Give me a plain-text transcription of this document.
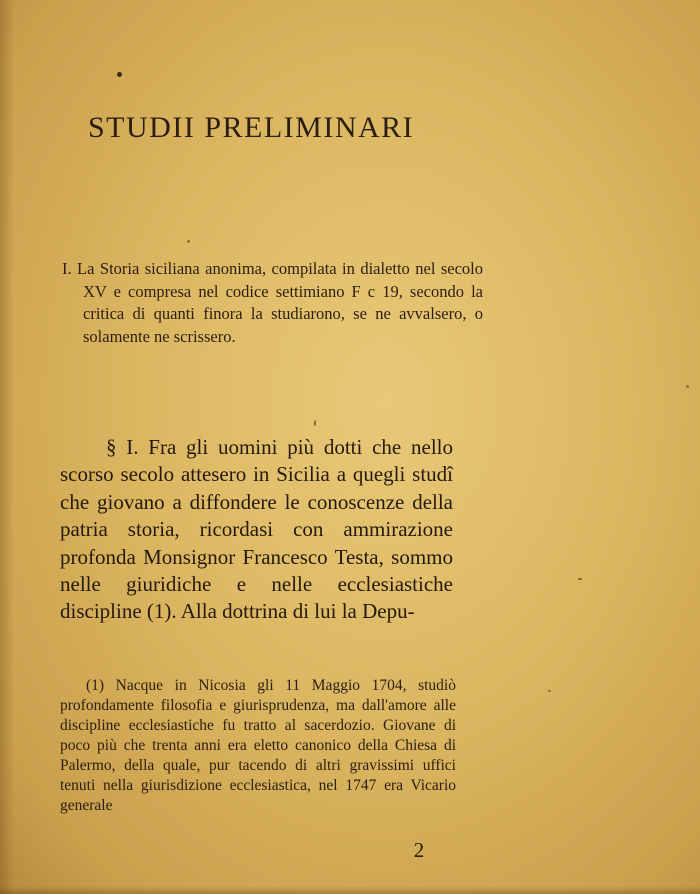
STUDII PRELIMINARI

I. La Storia siciliana anonima, compilata in dialetto nel secolo XV e compresa nel codice settimiano F c 19, secondo la critica di quanti finora la studiarono, se ne avvalsero, o solamente ne scrissero.

§ I. Fra gli uomini più dotti che nello scorso secolo attesero in Sicilia a quegli studî che giovano a diffondere le conoscenze della patria storia, ricordasi con ammirazione profonda Monsignor Francesco Testa, sommo nelle giuridiche e nelle ecclesiastiche discipline (1). Alla dottrina di lui la Depu-

(1) Nacque in Nicosia gli 11 Maggio 1704, studiò profondamente filosofia e giurisprudenza, ma dall'amore alle discipline ecclesiastiche fu tratto al sacerdozio. Giovane di poco più che trenta anni era eletto canonico della Chiesa di Palermo, della quale, pur tacendo di altri gravissimi uffici tenuti nella giurisdizione ecclesiastica, nel 1747 era Vicario generale

2
